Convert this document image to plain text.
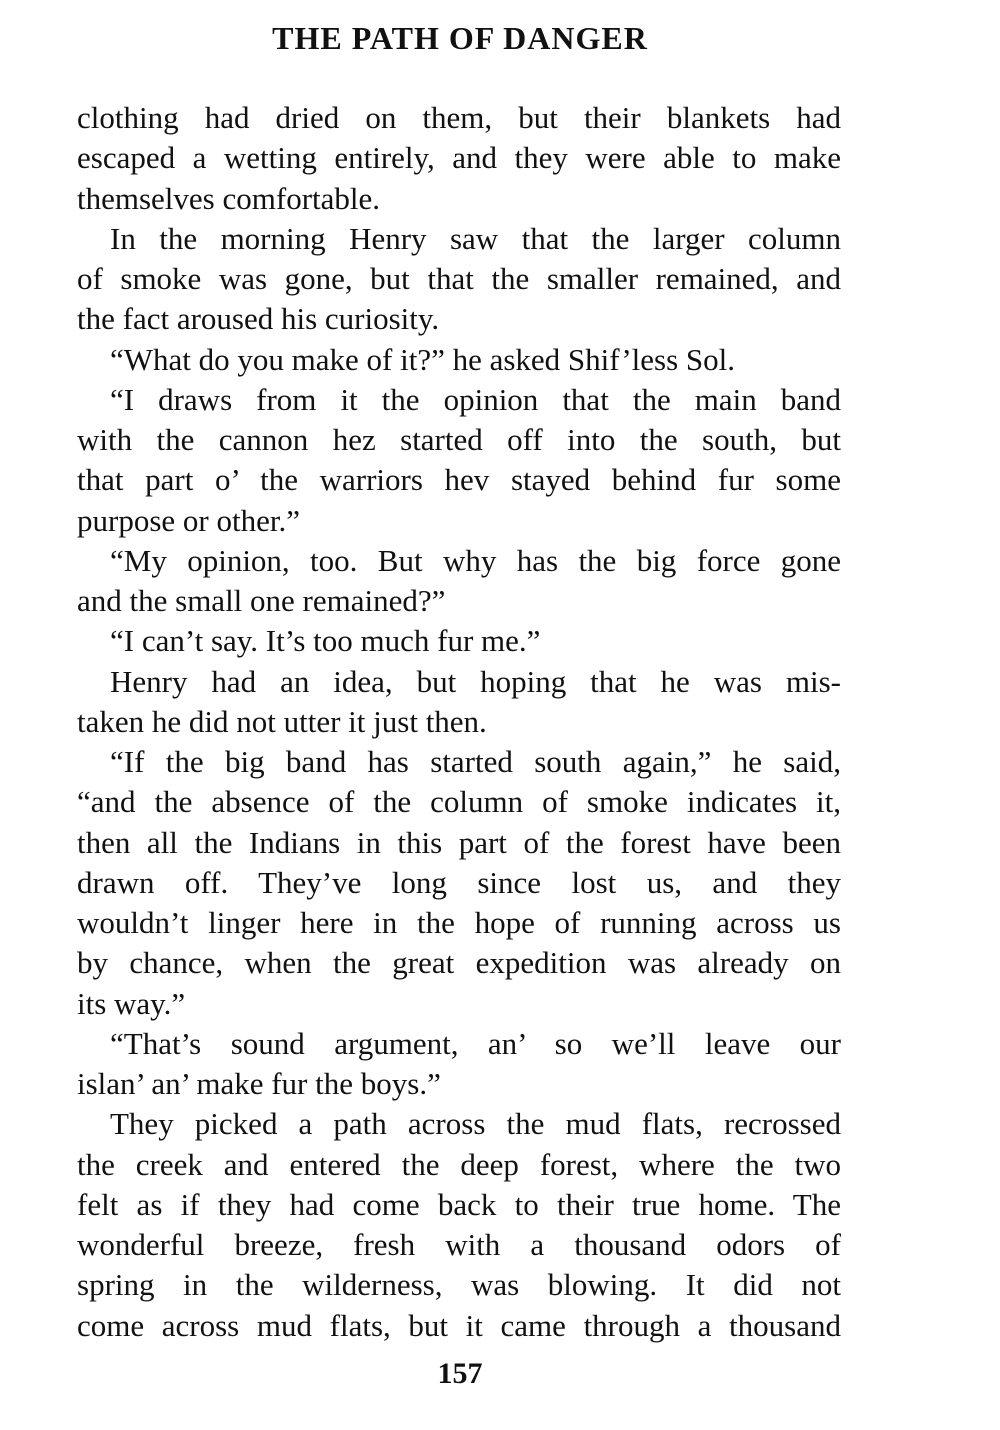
THE PATH OF DANGER
clothing had dried on them, but their blankets had
escaped a wetting entirely, and they were able to make
themselves comfortable.
In the morning Henry saw that the larger column
of smoke was gone, but that the smaller remained, and
the fact aroused his curiosity.
“What do you make of it?” he asked Shif’less Sol.
“I draws from it the opinion that the main band
with the cannon hez started off into the south, but
that part o’ the warriors hev stayed behind fur some
purpose or other.”
“My opinion, too. But why has the big force gone
and the small one remained?”
“I can’t say. It’s too much fur me.”
Henry had an idea, but hoping that he was mis-
taken he did not utter it just then.
“If the big band has started south again,” he said,
“and the absence of the column of smoke indicates it,
then all the Indians in this part of the forest have been
drawn off. They’ve long since lost us, and they
wouldn’t linger here in the hope of running across us
by chance, when the great expedition was already on
its way.”
“That’s sound argument, an’ so we’ll leave our
islan’ an’ make fur the boys.”
They picked a path across the mud flats, recrossed
the creek and entered the deep forest, where the two
felt as if they had come back to their true home. The
wonderful breeze, fresh with a thousand odors of
spring in the wilderness, was blowing. It did not
come across mud flats, but it came through a thousand
157
